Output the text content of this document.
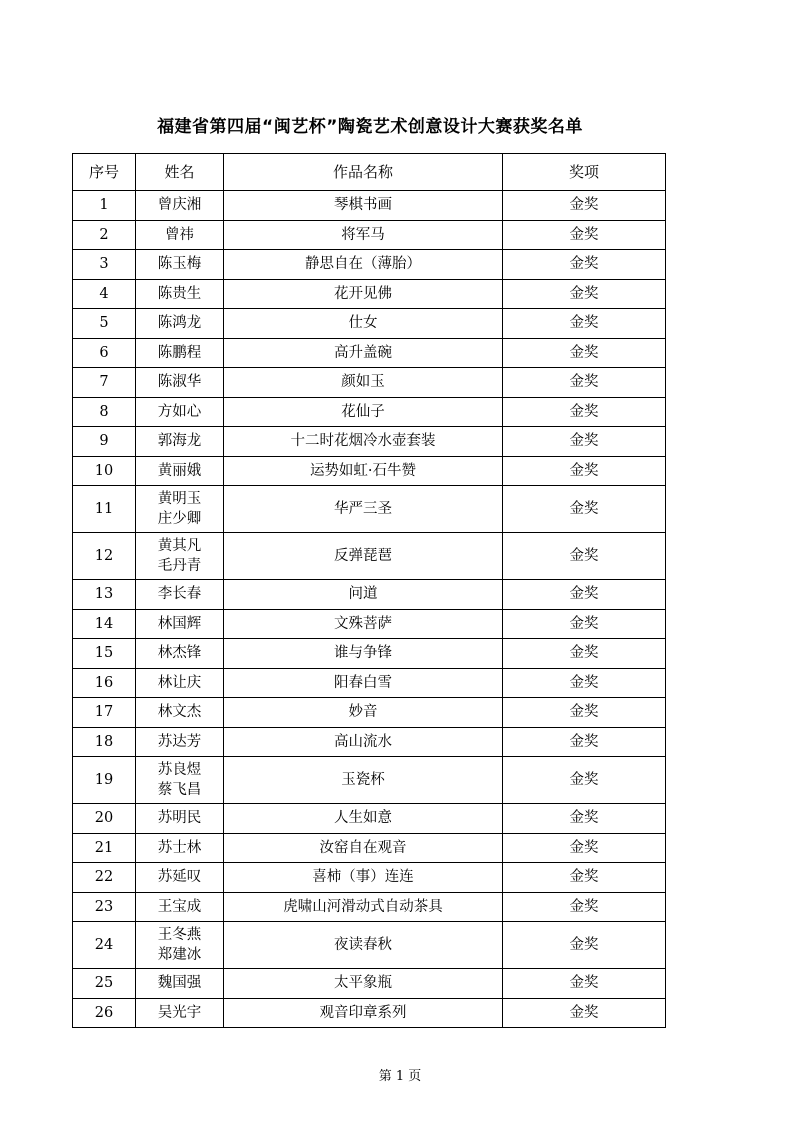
福建省第四届“闽艺杯”陶瓷艺术创意设计大赛获奖名单
序号	姓名	作品名称	奖项
1	曾庆湘	琴棋书画	金奖
2	曾祎	将军马	金奖
3	陈玉梅	静思自在（薄胎）	金奖
4	陈贵生	花开见佛	金奖
5	陈鸿龙	仕女	金奖
6	陈鹏程	高升盖碗	金奖
7	陈淑华	颜如玉	金奖
8	方如心	花仙子	金奖
9	郭海龙	十二时花烟冷水壶套装	金奖
10	黄丽娥	运势如虹·石牛赞	金奖
11	黄明玉
庄少卿	华严三圣	金奖
12	黄其凡
毛丹青	反弹琵琶	金奖
13	李长春	问道	金奖
14	林国辉	文殊菩萨	金奖
15	林杰锋	谁与争锋	金奖
16	林让庆	阳春白雪	金奖
17	林文杰	妙音	金奖
18	苏达芳	高山流水	金奖
19	苏良煜
蔡飞昌	玉瓷杯	金奖
20	苏明民	人生如意	金奖
21	苏士林	汝窑自在观音	金奖
22	苏延叹	喜柿（事）连连	金奖
23	王宝成	虎啸山河滑动式自动茶具	金奖
24	王冬燕
郑建冰	夜读春秋	金奖
25	魏国强	太平象瓶	金奖
26	吴光宇	观音印章系列	金奖
第 1 页
